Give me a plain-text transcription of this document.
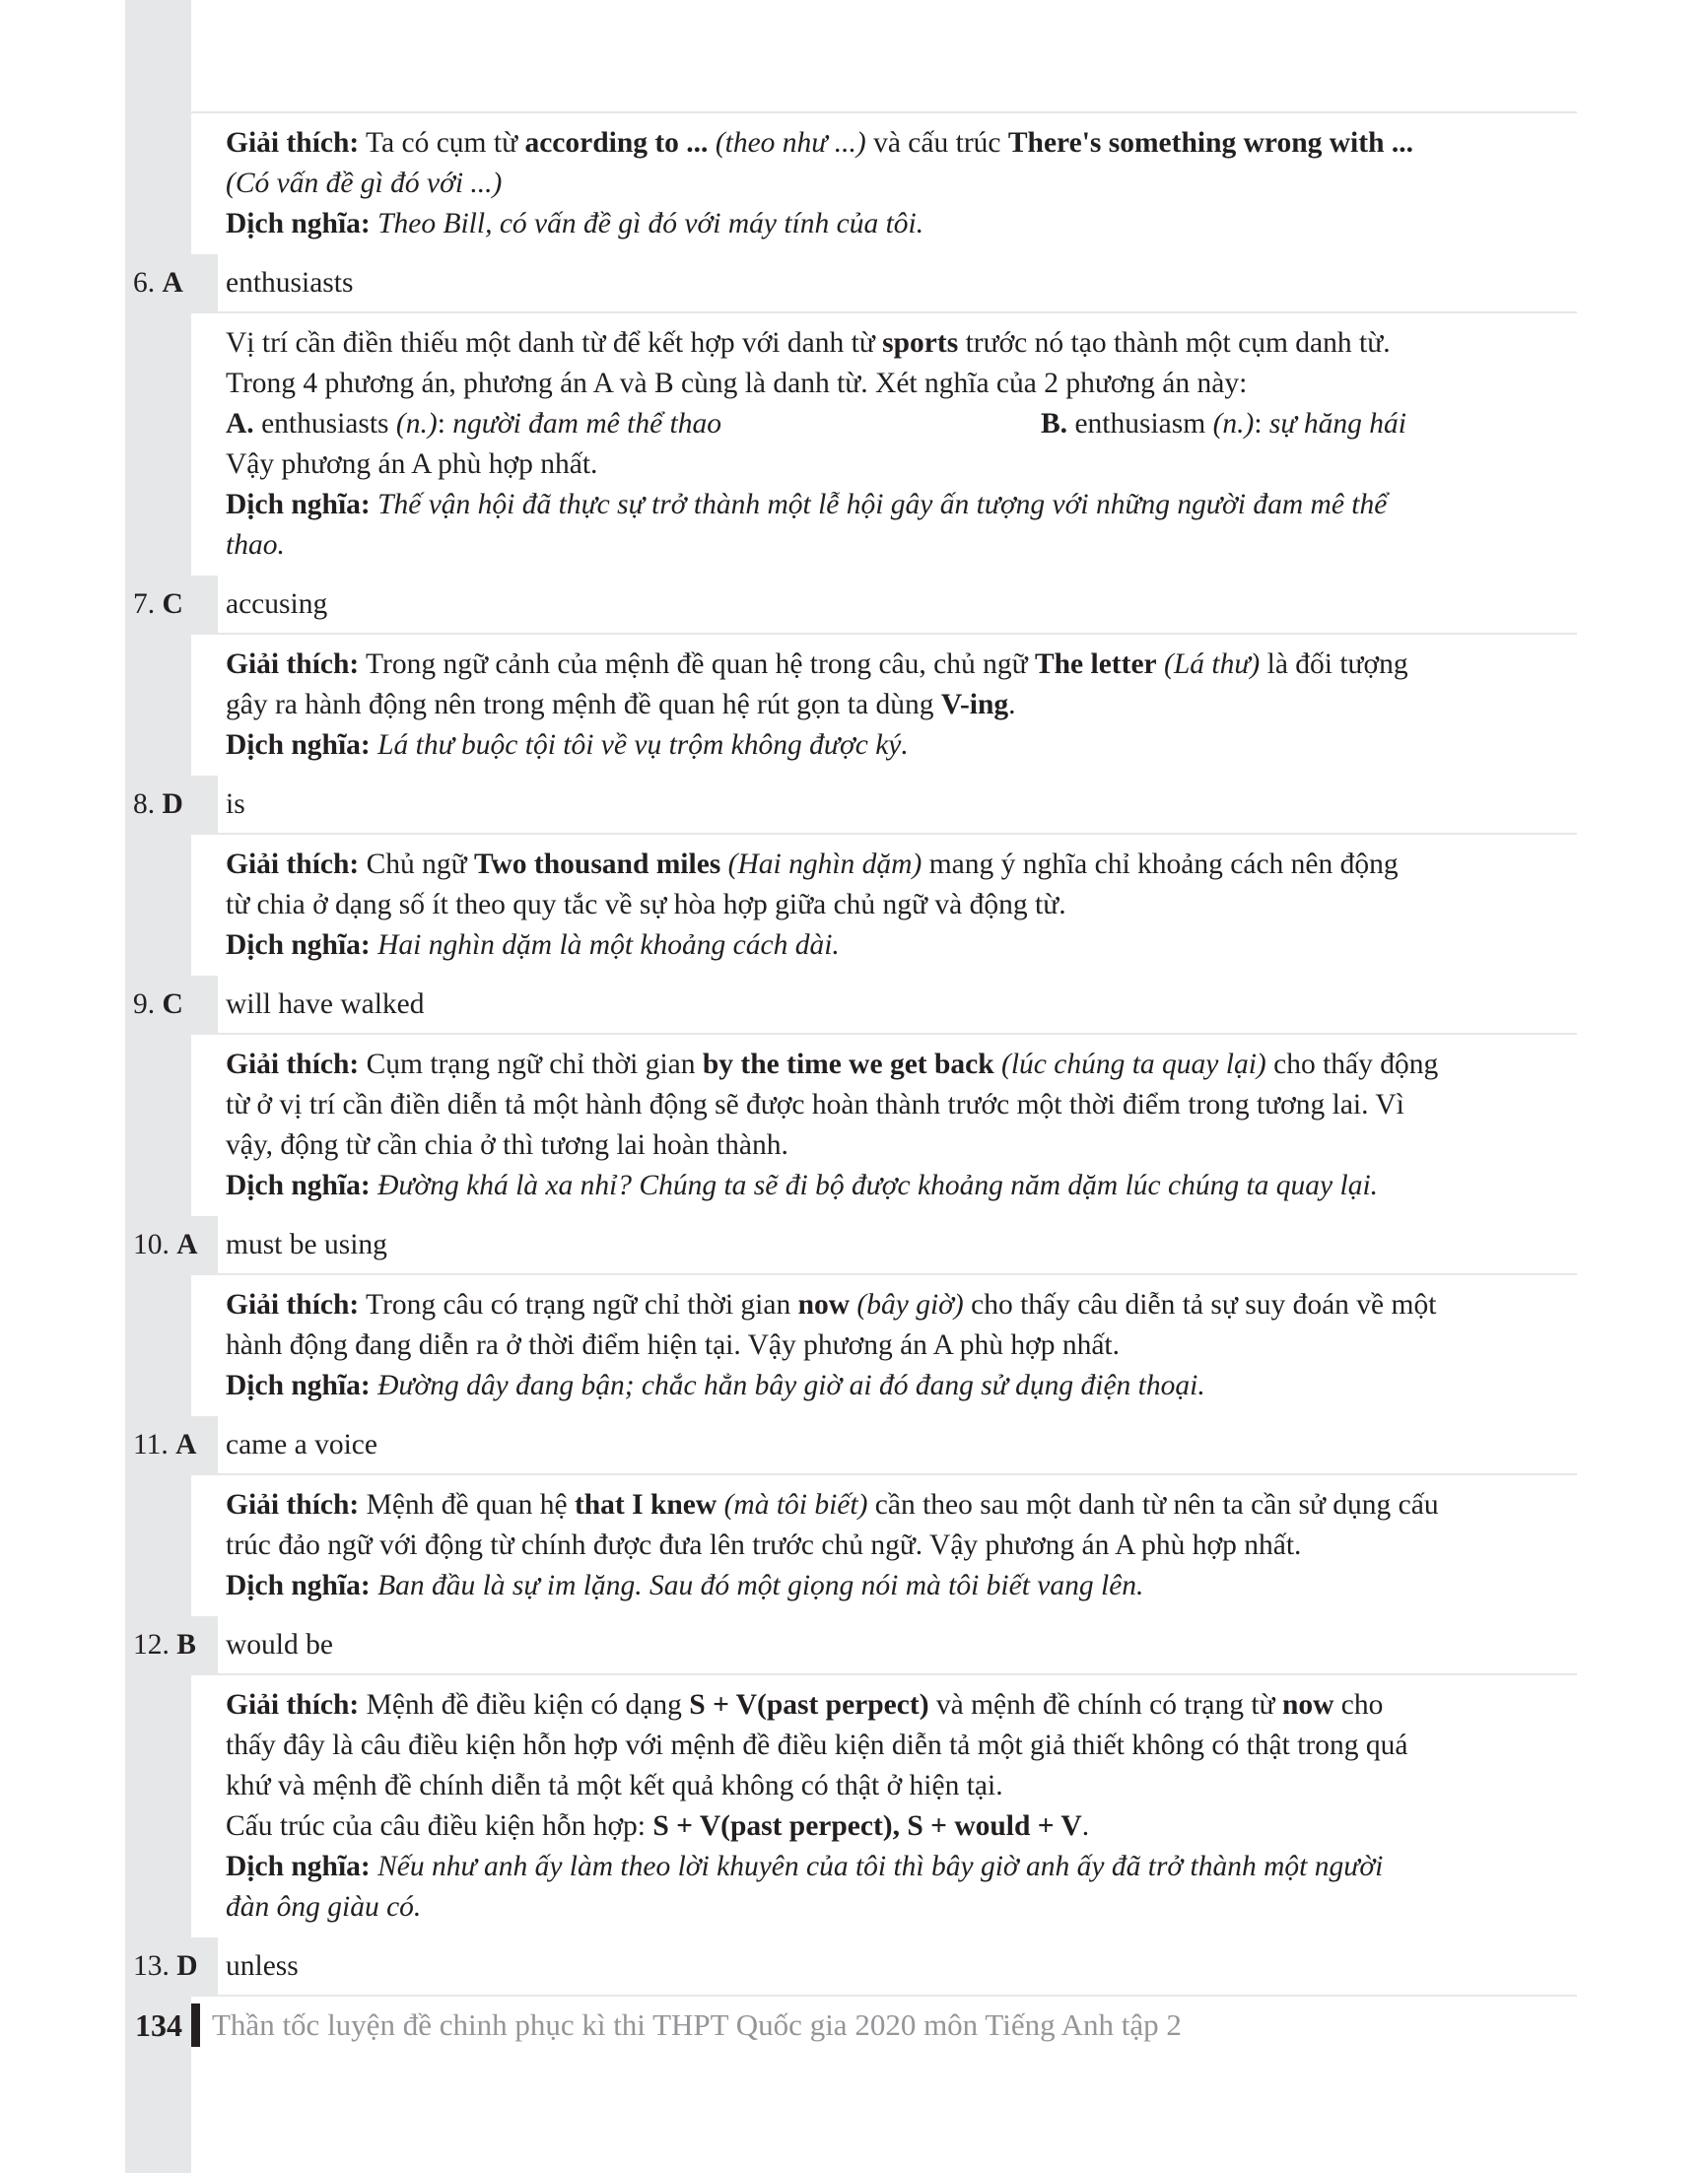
Giải thích: Ta có cụm từ according to ... (theo như ...) và cấu trúc There's something wrong with ...

(Có vấn đề gì đó với ...)

Dịch nghĩa: Theo Bill, có vấn đề gì đó với máy tính của tôi.

6. A	enthusiasts

Vị trí cần điền thiếu một danh từ để kết hợp với danh từ sports trước nó tạo thành một cụm danh từ.

Trong 4 phương án, phương án A và B cùng là danh từ. Xét nghĩa của 2 phương án này:

A. enthusiasts (n.): người đam mê thể thao	B. enthusiasm (n.): sự hăng hái

Vậy phương án A phù hợp nhất.

Dịch nghĩa: Thế vận hội đã thực sự trở thành một lễ hội gây ấn tượng với những người đam mê thể

thao.

7. C	accusing

Giải thích: Trong ngữ cảnh của mệnh đề quan hệ trong câu, chủ ngữ The letter (Lá thư) là đối tượng

gây ra hành động nên trong mệnh đề quan hệ rút gọn ta dùng V-ing.

Dịch nghĩa: Lá thư buộc tội tôi về vụ trộm không được ký.

8. D	is

Giải thích: Chủ ngữ Two thousand miles (Hai nghìn dặm) mang ý nghĩa chỉ khoảng cách nên động

từ chia ở dạng số ít theo quy tắc về sự hòa hợp giữa chủ ngữ và động từ.

Dịch nghĩa: Hai nghìn dặm là một khoảng cách dài.

9. C	will have walked

Giải thích: Cụm trạng ngữ chỉ thời gian by the time we get back (lúc chúng ta quay lại) cho thấy động

từ ở vị trí cần điền diễn tả một hành động sẽ được hoàn thành trước một thời điểm trong tương lai. Vì

vậy, động từ cần chia ở thì tương lai hoàn thành.

Dịch nghĩa: Đường khá là xa nhỉ? Chúng ta sẽ đi bộ được khoảng năm dặm lúc chúng ta quay lại.

10. A must be using

Giải thích: Trong câu có trạng ngữ chỉ thời gian now (bây giờ) cho thấy câu diễn tả sự suy đoán về một

hành động đang diễn ra ở thời điểm hiện tại. Vậy phương án A phù hợp nhất.

Dịch nghĩa: Đường dây đang bận; chắc hẳn bây giờ ai đó đang sử dụng điện thoại.

11. A	came a voice

Giải thích: Mệnh đề quan hệ that I knew (mà tôi biết) cần theo sau một danh từ nên ta cần sử dụng cấu

trúc đảo ngữ với động từ chính được đưa lên trước chủ ngữ. Vậy phương án A phù hợp nhất.

Dịch nghĩa: Ban đầu là sự im lặng. Sau đó một giọng nói mà tôi biết vang lên.

12. B	would be

Giải thích: Mệnh đề điều kiện có dạng S + V(past perpect) và mệnh đề chính có trạng từ now cho

thấy đây là câu điều kiện hỗn hợp với mệnh đề điều kiện diễn tả một giả thiết không có thật trong quá

khứ và mệnh đề chính diễn tả một kết quả không có thật ở hiện tại.

Cấu trúc của câu điều kiện hỗn hợp: S + V(past perpect), S + would + V.

Dịch nghĩa: Nếu như anh ấy làm theo lời khuyên của tôi thì bây giờ anh ấy đã trở thành một người

đàn ông giàu có.

13. D unless
134 Thần tốc luyện đề chinh phục kì thi THPT Quốc gia 2020 môn Tiếng Anh tập 2
